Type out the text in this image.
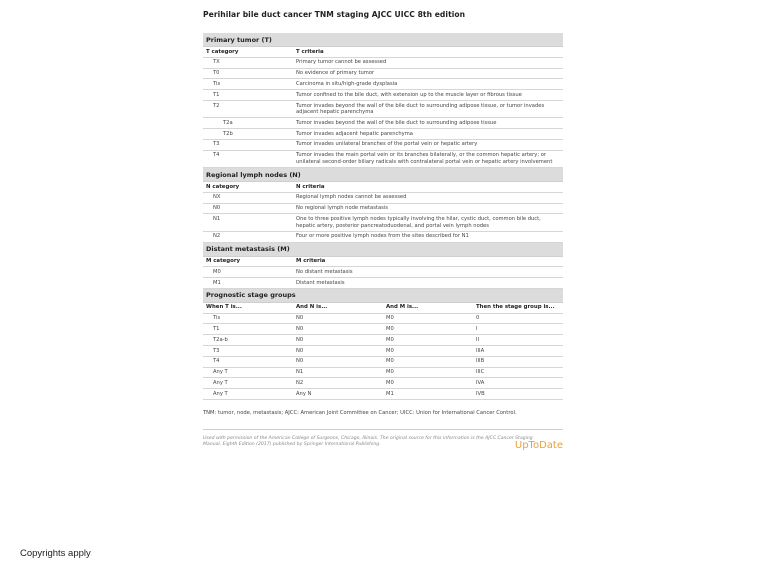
Perihilar bile duct cancer TNM staging AJCC UICC 8th edition
Primary tumor (T)			
T category	T criteria		
TX	Primary tumor cannot be assessed		
T0	No evidence of primary tumor		
Tis	Carcinoma in situ/high-grade dysplasia		
T1	Tumor confined to the bile duct, with extension up to the muscle layer or fibrous tissue		
T2	Tumor invades beyond the wall of the bile duct to surrounding adipose tissue, or tumor invades adjacent hepatic parenchyma		
T2a	Tumor invades beyond the wall of the bile duct to surrounding adipose tissue		
T2b	Tumor invades adjacent hepatic parenchyma		
T3	Tumor invades unilateral branches of the portal vein or hepatic artery		
T4	Tumor invades the main portal vein or its branches bilaterally, or the common hepatic artery; or unilateral second-order biliary radicals with contralateral portal vein or hepatic artery involvement		
Regional lymph nodes (N)			
N category	N criteria		
NX	Regional lymph nodes cannot be assessed		
N0	No regional lymph node metastasis		
N1	One to three positive lymph nodes typically involving the hilar, cystic duct, common bile duct, hepatic artery, posterior pancreatoduodenal, and portal vein lymph nodes		
N2	Four or more positive lymph nodes from the sites described for N1		
Distant metastasis (M)			
M category	M criteria		
M0	No distant metastasis		
M1	Distant metastasis		
Prognostic stage groups			
When T is...	And N is...	And M is...	Then the stage group is...
Tis	N0	M0	0
T1	N0	M0	I
T2a-b	N0	M0	II
T3	N0	M0	IIIA
T4	N0	M0	IIIB
Any T	N1	M0	IIIC
Any T	N2	M0	IVA
Any T	Any N	M1	IVB
TNM: tumor, node, metastasis; AJCC: American Joint Committee on Cancer; UICC: Union for International Cancer Control.
Used with permission of the American College of Surgeons, Chicago, Illinois. The original source for this information is the AJCC Cancer Staging Manual, Eighth Edition (2017) published by Springer International Publishing.	UpToDate
Copyrights apply
